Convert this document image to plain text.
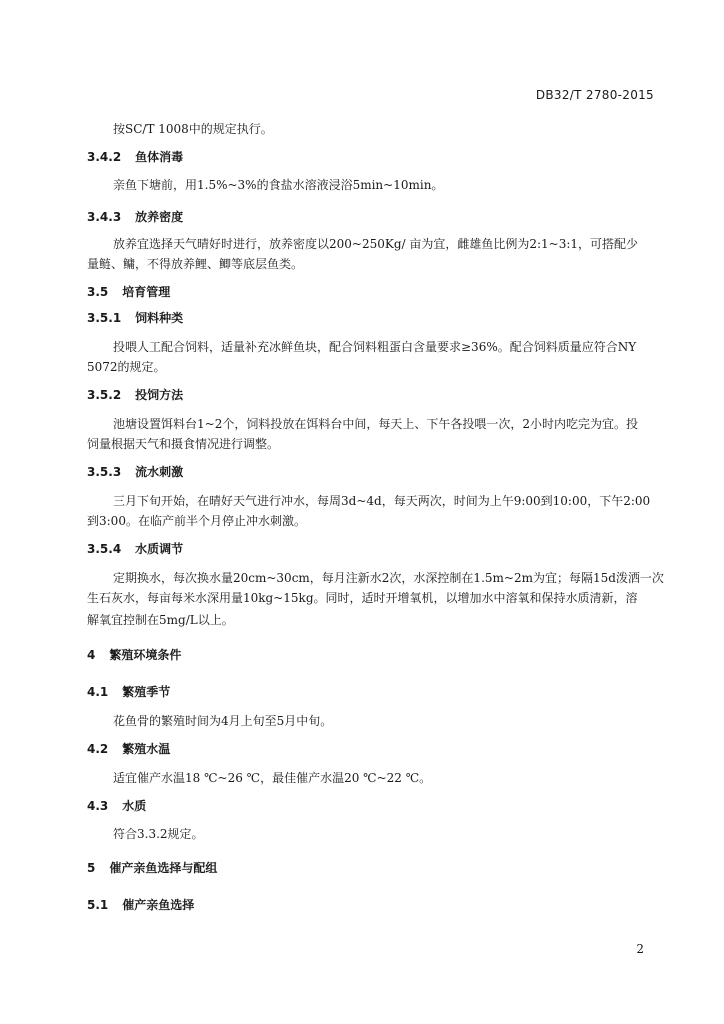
DB32/T 2780-2015
按SC/T 1008中的规定执行。
3.4.2 鱼体消毒
亲鱼下塘前，用1.5%~3%的食盐水溶液浸浴5min~10min。
3.4.3 放养密度
放养宜选择天气晴好时进行，放养密度以200~250Kg/ 亩为宜，雌雄鱼比例为2:1~3:1，可搭配少
量鲢、鳙，不得放养鲤、鲫等底层鱼类。
3.5 培育管理
3.5.1 饲料种类
投喂人工配合饲料，适量补充冰鲜鱼块，配合饲料粗蛋白含量要求≥36%。配合饲料质量应符合NY
5072的规定。
3.5.2 投饲方法
池塘设置饵料台1~2个，饲料投放在饵料台中间，每天上、下午各投喂一次，2小时内吃完为宜。投
饲量根据天气和摄食情况进行调整。
3.5.3 流水刺激
三月下旬开始，在晴好天气进行冲水，每周3d~4d，每天两次，时间为上午9:00到10:00，下午2:00
到3:00。在临产前半个月停止冲水刺激。
3.5.4 水质调节
定期换水，每次换水量20cm~30cm，每月注新水2次，水深控制在1.5m~2m为宜；每隔15d泼洒一次
生石灰水，每亩每米水深用量10kg~15kg。同时，适时开增氧机，以增加水中溶氧和保持水质清新，溶
解氧宜控制在5mg/L以上。
4 繁殖环境条件
4.1 繁殖季节
花鱼骨的繁殖时间为4月上旬至5月中旬。
4.2 繁殖水温
适宜催产水温18 ℃~26 ℃，最佳催产水温20 ℃~22 ℃。
4.3 水质
符合3.3.2规定。
5 催产亲鱼选择与配组
5.1 催产亲鱼选择
2
